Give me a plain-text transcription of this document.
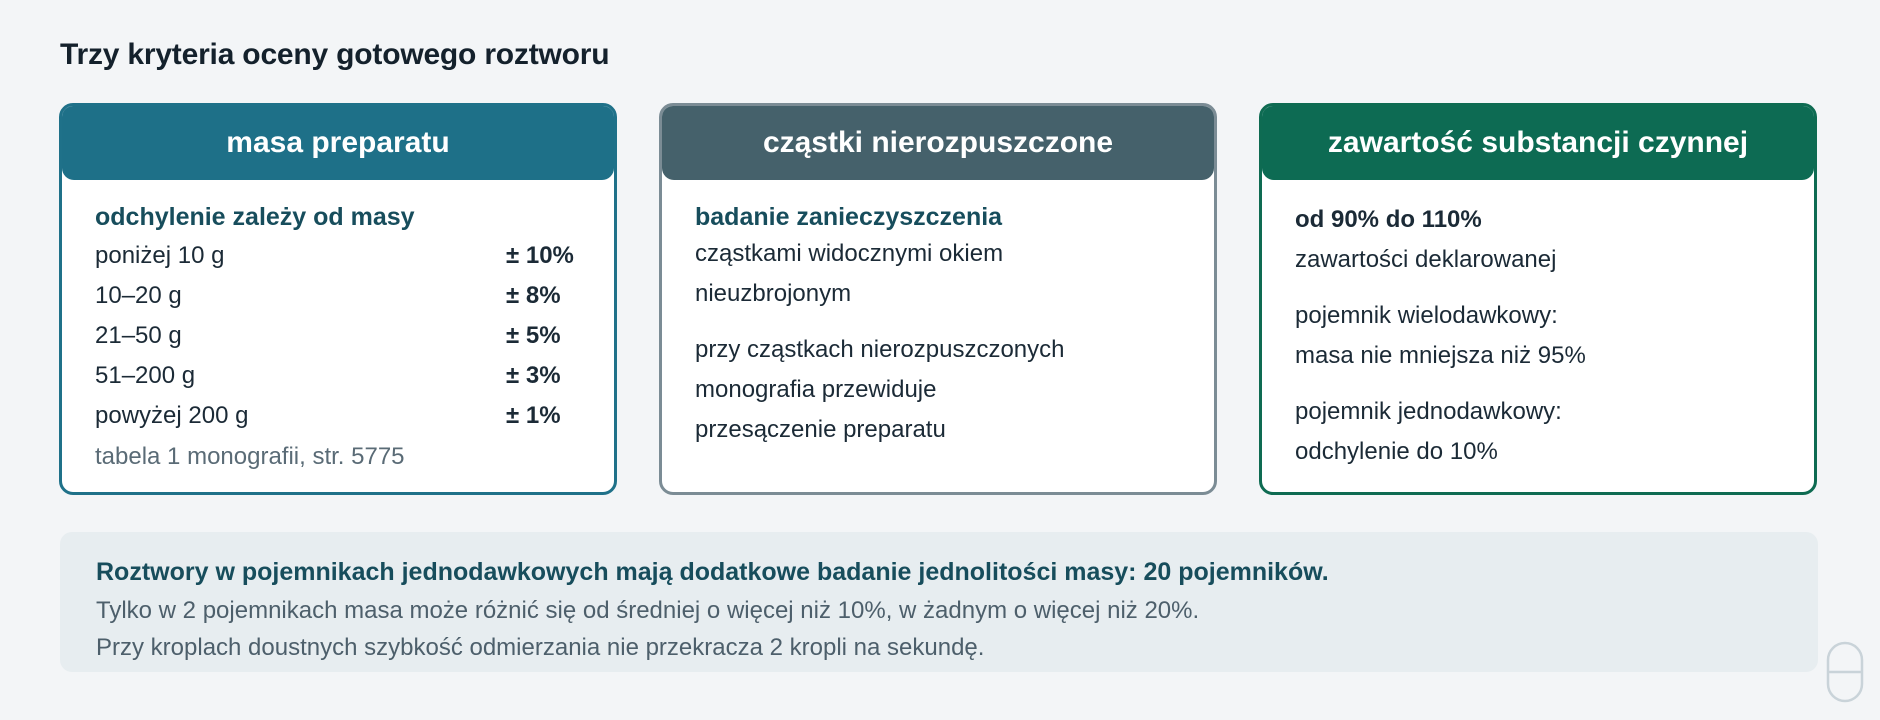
Trzy kryteria oceny gotowego roztworu
masa preparatu
odchylenie zależy od masy
poniżej 10 g	± 10%
10–20 g	± 8%
21–50 g	± 5%
51–200 g	± 3%
powyżej 200 g	± 1%
tabela 1 monografii, str. 5775
cząstki nierozpuszczone
badanie zanieczyszczenia

cząstkami widocznymi okiem

nieuzbrojonym

przy cząstkach nierozpuszczonych

monografia przewiduje

przesączenie preparatu

zawartość substancji czynnej

od 90% do 110%

zawartości deklarowanej

pojemnik wielodawkowy:

masa nie mniejsza niż 95%

pojemnik jednodawkowy:

odchylenie do 10%

Roztwory w pojemnikach jednodawkowych mają dodatkowe badanie jednolitości masy: 20 pojemników.
Tylko w 2 pojemnikach masa może różnić się od średniej o więcej niż 10%, w żadnym o więcej niż 20%.
Przy kroplach doustnych szybkość odmierzania nie przekracza 2 kropli na sekundę.
